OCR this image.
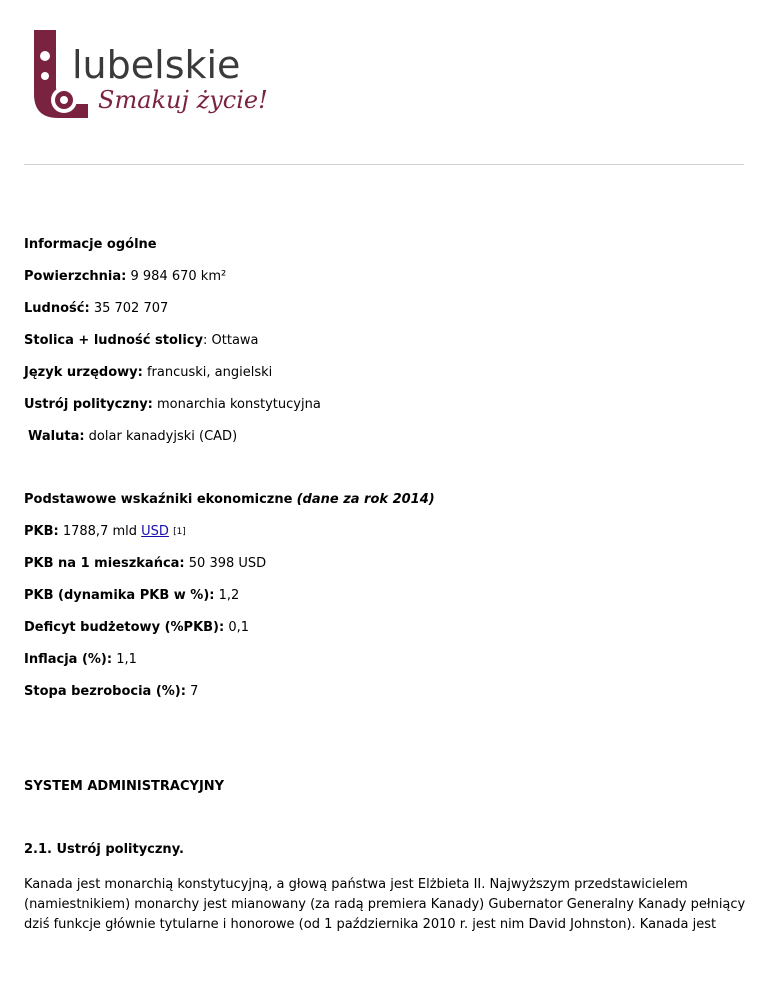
lubelskie
Smakuj życie!
Informacje ogólne
Powierzchnia: 9 984 670 km²
Ludność: 35 702 707
Stolica + ludność stolicy: Ottawa
Język urzędowy: francuski, angielski
Ustrój polityczny: monarchia konstytucyjna
Waluta: dolar kanadyjski (CAD)
Podstawowe wskaźniki ekonomiczne (dane za rok 2014)
PKB: 1788,7 mld USD [1]
PKB na 1 mieszkańca: 50 398 USD
PKB (dynamika PKB w %): 1,2
Deficyt budżetowy (%PKB): 0,1
Inflacja (%): 1,1
Stopa bezrobocia (%): 7
SYSTEM ADMINISTRACYJNY
2.1. Ustrój polityczny.

Kanada jest monarchią konstytucyjną, a głową państwa jest Elżbieta II. Najwyższym przedstawicielem

(namiestnikiem) monarchy jest mianowany (za radą premiera Kanady) Gubernator Generalny Kanady pełniący

dziś funkcje głównie tytularne i honorowe (od 1 października 2010 r. jest nim David Johnston). Kanada jest
